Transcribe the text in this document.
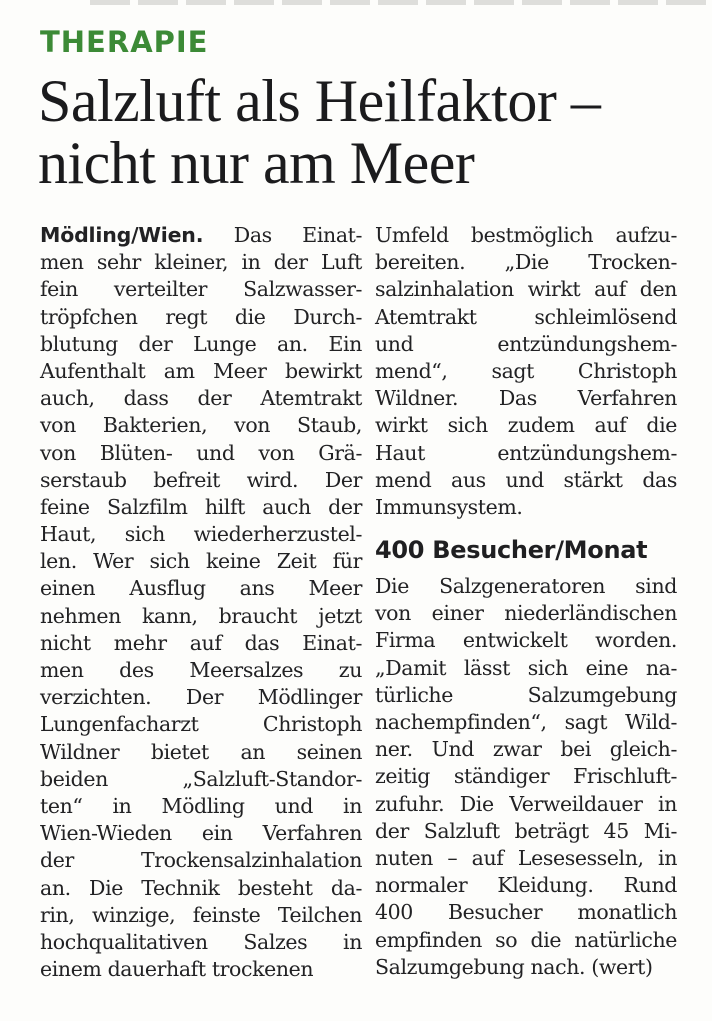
THERAPIE
Salzluft als Heilfaktor –
nicht nur am Meer
Mödling/Wien. Das Einat-
men sehr kleiner, in der Luft
fein verteilter Salzwasser-
tröpfchen regt die Durch-
blutung der Lunge an. Ein
Aufenthalt am Meer bewirkt
auch, dass der Atemtrakt
von Bakterien, von Staub,
von Blüten- und von Grä-
serstaub befreit wird. Der
feine Salzfilm hilft auch der
Haut, sich wiederherzustel-
len. Wer sich keine Zeit für
einen Ausflug ans Meer
nehmen kann, braucht jetzt
nicht mehr auf das Einat-
men des Meersalzes zu
verzichten. Der Mödlinger
Lungenfacharzt Christoph
Wildner bietet an seinen
beiden „Salzluft-Standor-
ten“ in Mödling und in
Wien-Wieden ein Verfahren
der Trockensalzinhalation
an. Die Technik besteht da-
rin, winzige, feinste Teilchen
hochqualitativen Salzes in
einem dauerhaft trockenen
Umfeld bestmöglich aufzu-
bereiten. „Die Trocken-
salzinhalation wirkt auf den
Atemtrakt schleimlösend
und entzündungshem-
mend“, sagt Christoph
Wildner. Das Verfahren
wirkt sich zudem auf die
Haut entzündungshem-
mend aus und stärkt das
Immunsystem.
400 Besucher/Monat
Die Salzgeneratoren sind
von einer niederländischen
Firma entwickelt worden.
„Damit lässt sich eine na-
türliche Salzumgebung
nachempfinden“, sagt Wild-
ner. Und zwar bei gleich-
zeitig ständiger Frischluft-
zufuhr. Die Verweildauer in
der Salzluft beträgt 45 Mi-
nuten – auf Lesesesseln, in
normaler Kleidung. Rund
400 Besucher monatlich
empfinden so die natürliche
Salzumgebung nach. (wert)
